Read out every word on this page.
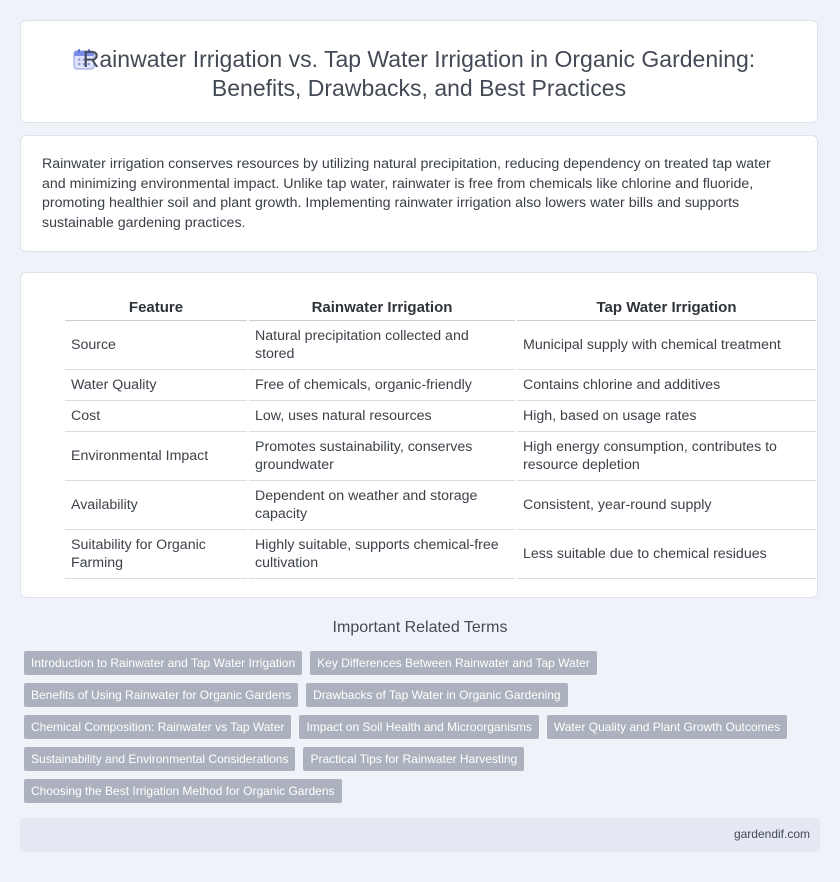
Rainwater Irrigation vs. Tap Water Irrigation in Organic Gardening:
Benefits, Drawbacks, and Best Practices
Rainwater irrigation conserves resources by utilizing natural precipitation, reducing dependency on treated tap water and minimizing environmental impact. Unlike tap water, rainwater is free from chemicals like chlorine and fluoride, promoting healthier soil and plant growth. Implementing rainwater irrigation also lowers water bills and supports sustainable gardening practices.
Feature	Rainwater Irrigation	Tap Water Irrigation
Source	Natural precipitation collected and stored	Municipal supply with chemical treatment
Water Quality	Free of chemicals, organic-friendly	Contains chlorine and additives
Cost	Low, uses natural resources	High, based on usage rates
Environmental Impact	Promotes sustainability, conserves groundwater	High energy consumption, contributes to resource depletion
Availability	Dependent on weather and storage capacity	Consistent, year-round supply
Suitability for Organic Farming	Highly suitable, supports chemical-free cultivation	Less suitable due to chemical residues
Important Related Terms
Introduction to Rainwater and Tap Water Irrigation	Key Differences Between Rainwater and Tap Water
Benefits of Using Rainwater for Organic Gardens	Drawbacks of Tap Water in Organic Gardening
Chemical Composition: Rainwater vs Tap Water	Impact on Soil Health and Microorganisms	Water Quality and Plant Growth Outcomes
Sustainability and Environmental Considerations	Practical Tips for Rainwater Harvesting
Choosing the Best Irrigation Method for Organic Gardens
gardendif.com
